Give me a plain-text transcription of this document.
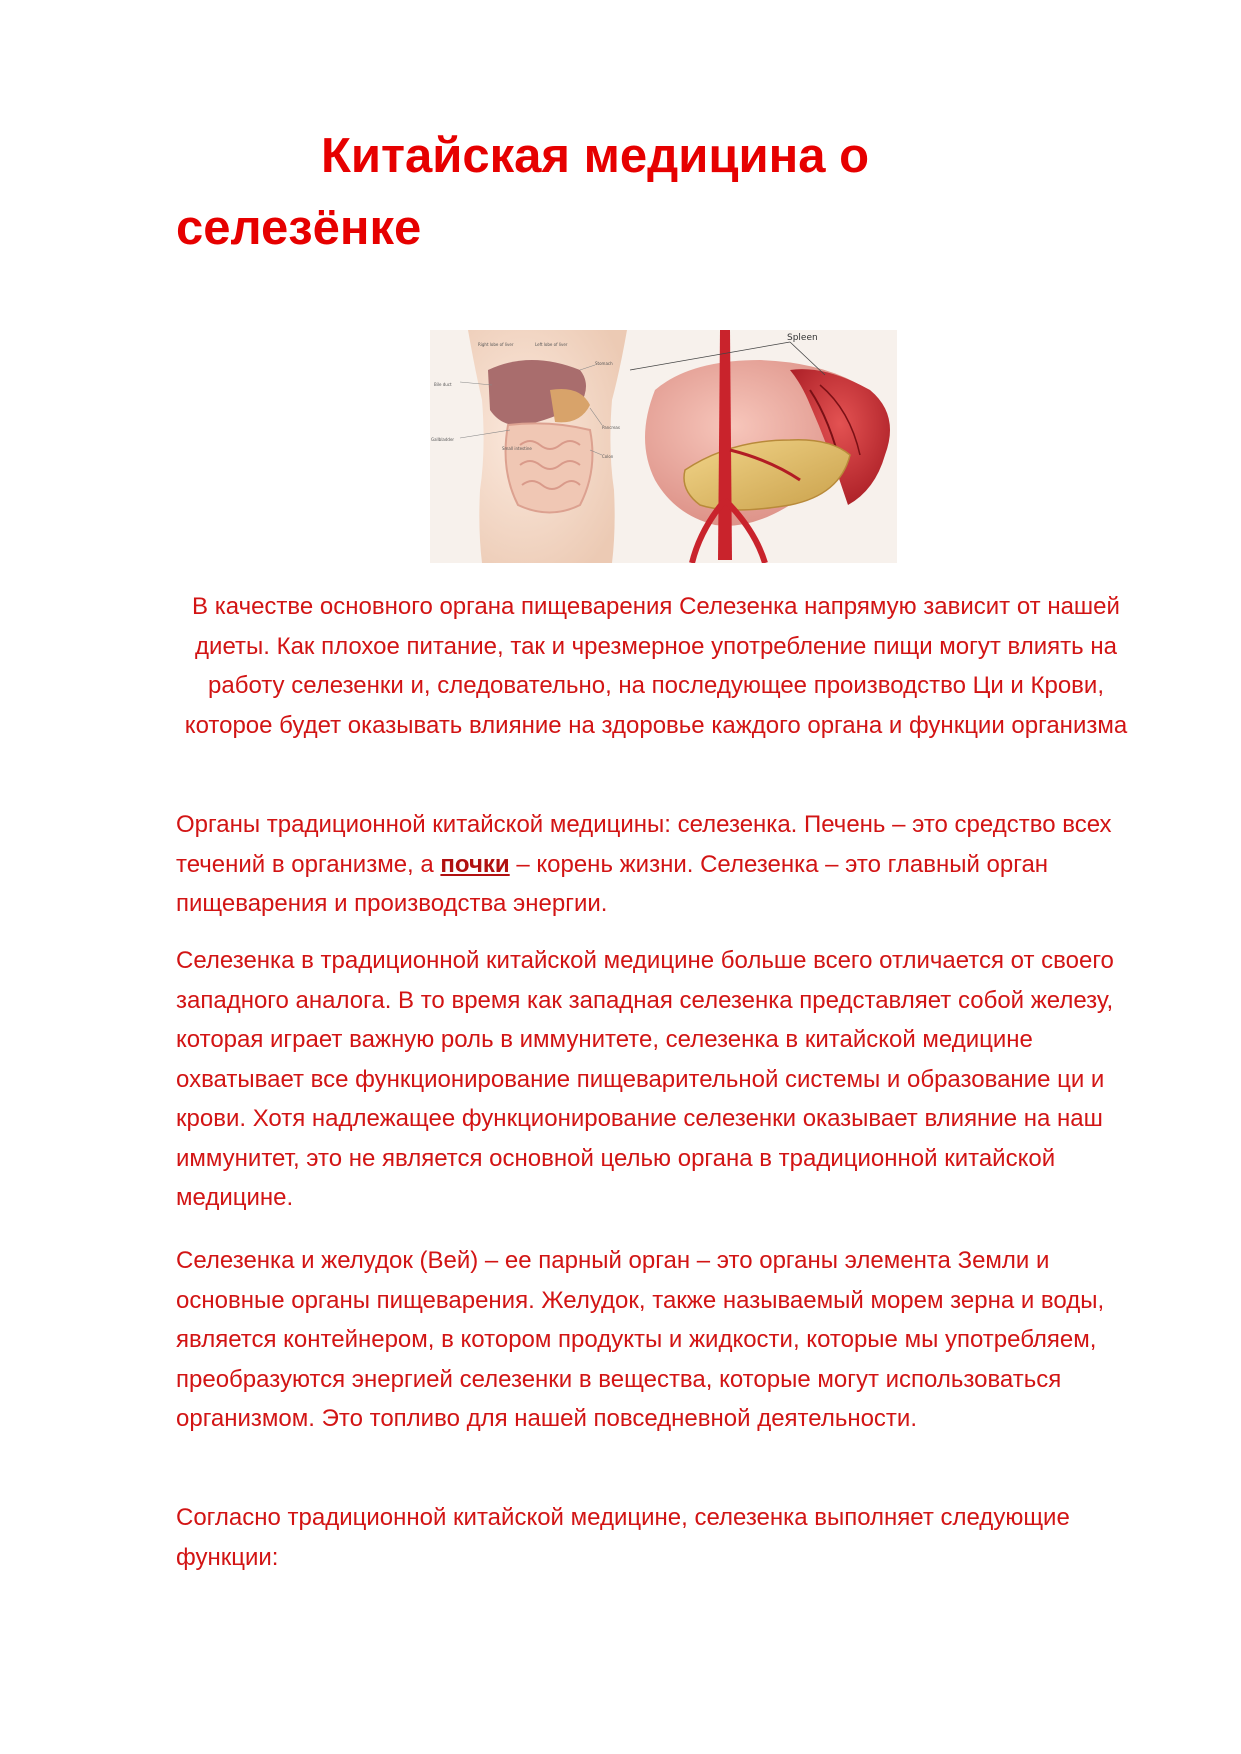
Китайская медицина о
селезёнке
Right lobe of liver	Left lobe of liver
Bile duct
Gallbladder
Stomach
Pancreas
Small intestine
Colon
Spleen

В качестве основного органа пищеварения Селезенка напрямую зависит от нашей диеты. Как плохое питание, так и чрезмерное употребление пищи могут влиять на работу селезенки и, следовательно, на последующее производство Ци и Крови, которое будет оказывать влияние на здоровье каждого органа и функции организма

Органы традиционной китайской медицины: селезенка. Печень – это средство всех течений в организме, а почки – корень жизни. Селезенка – это главный орган пищеварения и производства энергии.

Селезенка в традиционной китайской медицине больше всего отличается от своего западного аналога. В то время как западная селезенка представляет собой железу, которая играет важную роль в иммунитете, селезенка в китайской медицине охватывает все функционирование пищеварительной системы и образование ци и крови. Хотя надлежащее функционирование селезенки оказывает влияние на наш иммунитет, это не является основной целью органа в традиционной китайской медицине.

Селезенка и желудок (Вей) – ее парный орган – это органы элемента Земли и основные органы пищеварения. Желудок, также называемый морем зерна и воды, является контейнером, в котором продукты и жидкости, которые мы употребляем, преобразуются энергией селезенки в вещества, которые могут использоваться организмом. Это топливо для нашей повседневной деятельности.

Согласно традиционной китайской медицине, селезенка выполняет следующие функции:
